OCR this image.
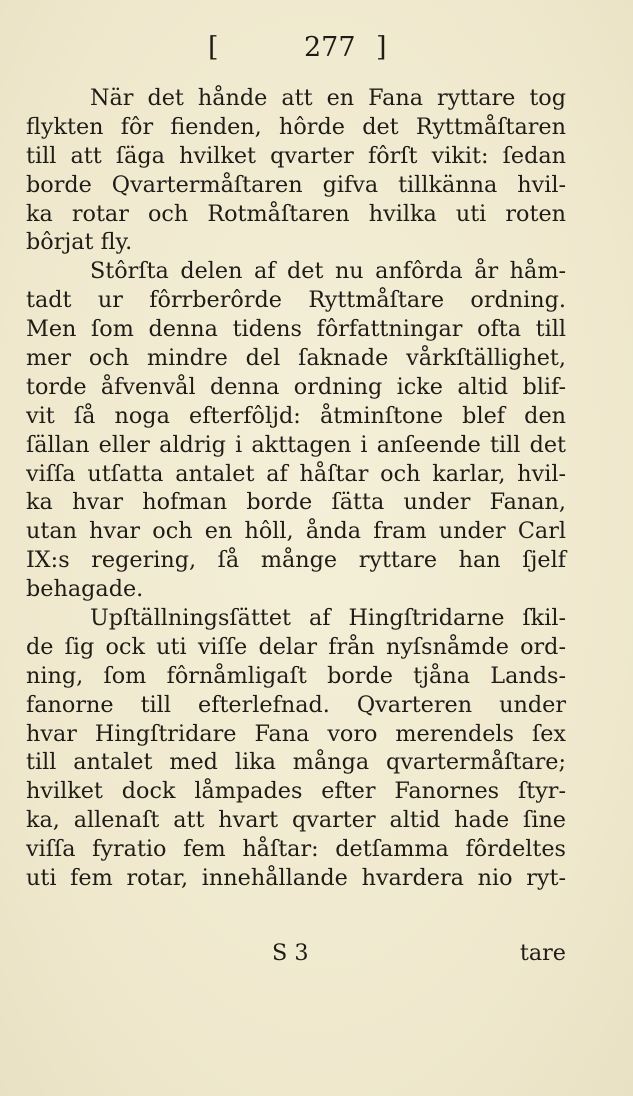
[	277 ]
När det hånde att en Fana ryttare tog
flykten fôr fienden, hôrde det Ryttmåſtaren
till att ſäga hvilket qvarter fôrſt vikit: ſedan
borde Qvartermåſtaren gifva tillkänna hvil-
ka rotar och Rotmåſtaren hvilka uti roten
bôrjat fly.
Stôrſta delen af det nu anfôrda år håm-
tadt ur fôrrberôrde Ryttmåſtare ordning.
Men ſom denna tidens fôrfattningar ofta till
mer och mindre del ſaknade vårkſtällighet,
torde åfvenvål denna ordning icke altid blif-
vit ſå noga efterfôljd: åtminſtone blef den
ſällan eller aldrig i akttagen i anſeende till det
viſſa utſatta antalet af håſtar och karlar, hvil-
ka hvar hofman borde ſätta under Fanan,
utan hvar och en hôll, ånda fram under Carl
IX:s regering, ſå månge ryttare han ſjelf
behagade.
Upſtällningsſättet af Hingſtridarne ſkil-
de ſig ock uti viſſe delar från nyſsnåmde ord-
ning, ſom fôrnåmligaſt borde tjåna Lands-
fanorne till efterlefnad. Qvarteren under
hvar Hingſtridare Fana voro merendels ſex
till antalet med lika många qvartermåſtare;
hvilket dock låmpades efter Fanornes ſtyr-
ka, allenaſt att hvart qvarter altid hade ſine
viſſa fyratio fem håſtar: detſamma fôrdeltes
uti fem rotar, innehållande hvardera nio ryt-
S 3	tare
